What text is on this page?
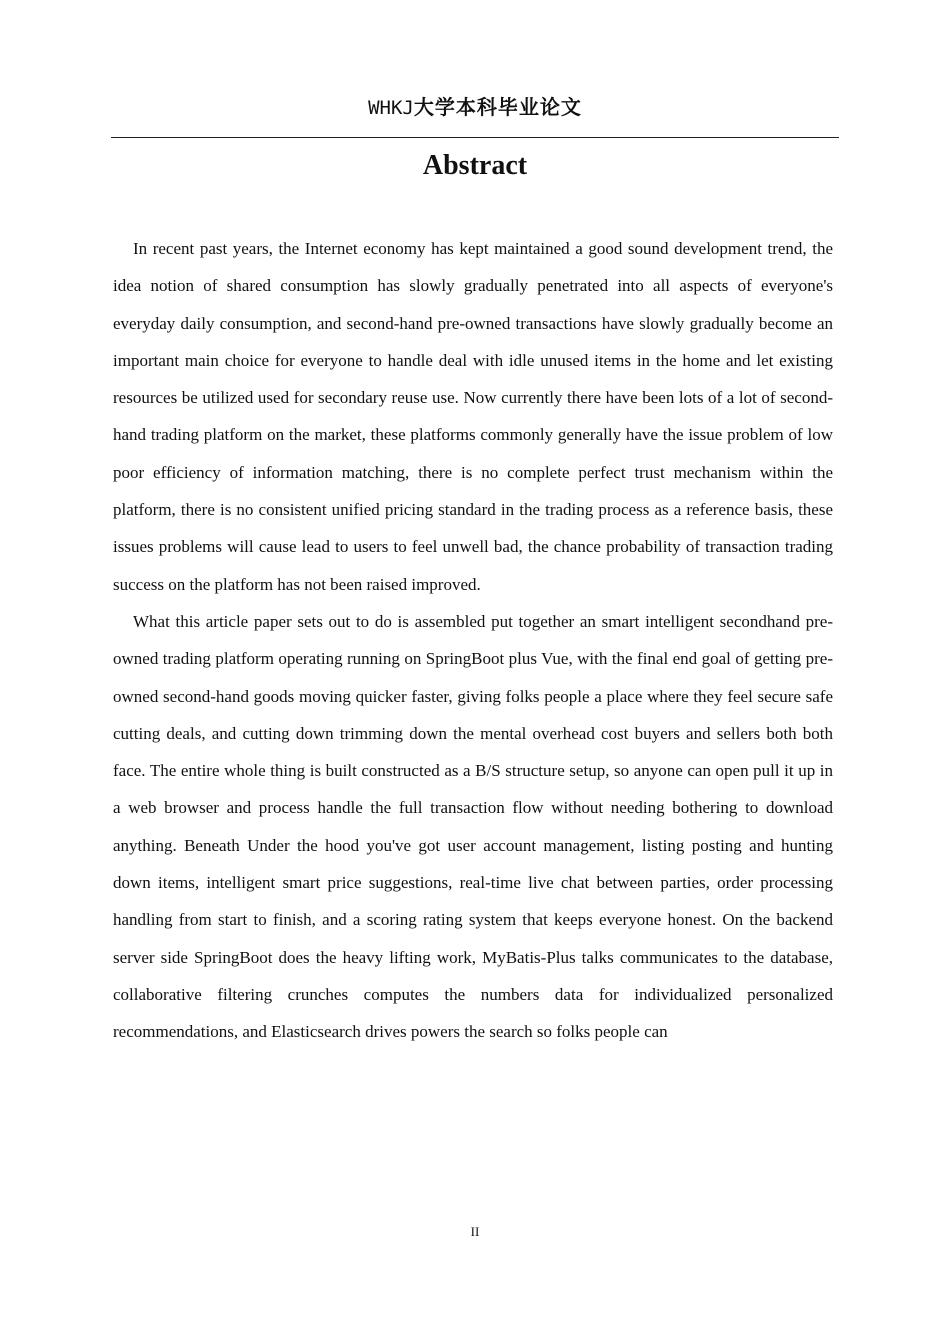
WHKJ大学本科毕业论文
Abstract

In recent past years, the Internet economy has kept maintained a good sound development trend, the idea notion of shared consumption has slowly gradually penetrated into all aspects of everyone's everyday daily consumption, and second-hand pre-owned transactions have slowly gradually become an important main choice for everyone to handle deal with idle unused items in the home and let existing resources be utilized used for secondary reuse use. Now currently there have been lots of a lot of second-hand trading platform on the market, these platforms commonly generally have the issue problem of low poor efficiency of information matching, there is no complete perfect trust mechanism within the platform, there is no consistent unified pricing standard in the trading process as a reference basis, these issues problems will cause lead to users to feel unwell bad, the chance probability of transaction trading success on the platform has not been raised improved.

What this article paper sets out to do is assembled put together an smart intelligent secondhand pre-owned trading platform operating running on SpringBoot plus Vue, with the final end goal of getting pre-owned second-hand goods moving quicker faster, giving folks people a place where they feel secure safe cutting deals, and cutting down trimming down the mental overhead cost buyers and sellers both both face. The entire whole thing is built constructed as a B/S structure setup, so anyone can open pull it up in a web browser and process handle the full transaction flow without needing bothering to download anything. Beneath Under the hood you've got user account management, listing posting and hunting down items, intelligent smart price suggestions, real-time live chat between parties, order processing handling from start to finish, and a scoring rating system that keeps everyone honest. On the backend server side SpringBoot does the heavy lifting work, MyBatis-Plus talks communicates to the database, collaborative filtering crunches computes the numbers data for individualized personalized recommendations, and Elasticsearch drives powers the search so folks people can

II
